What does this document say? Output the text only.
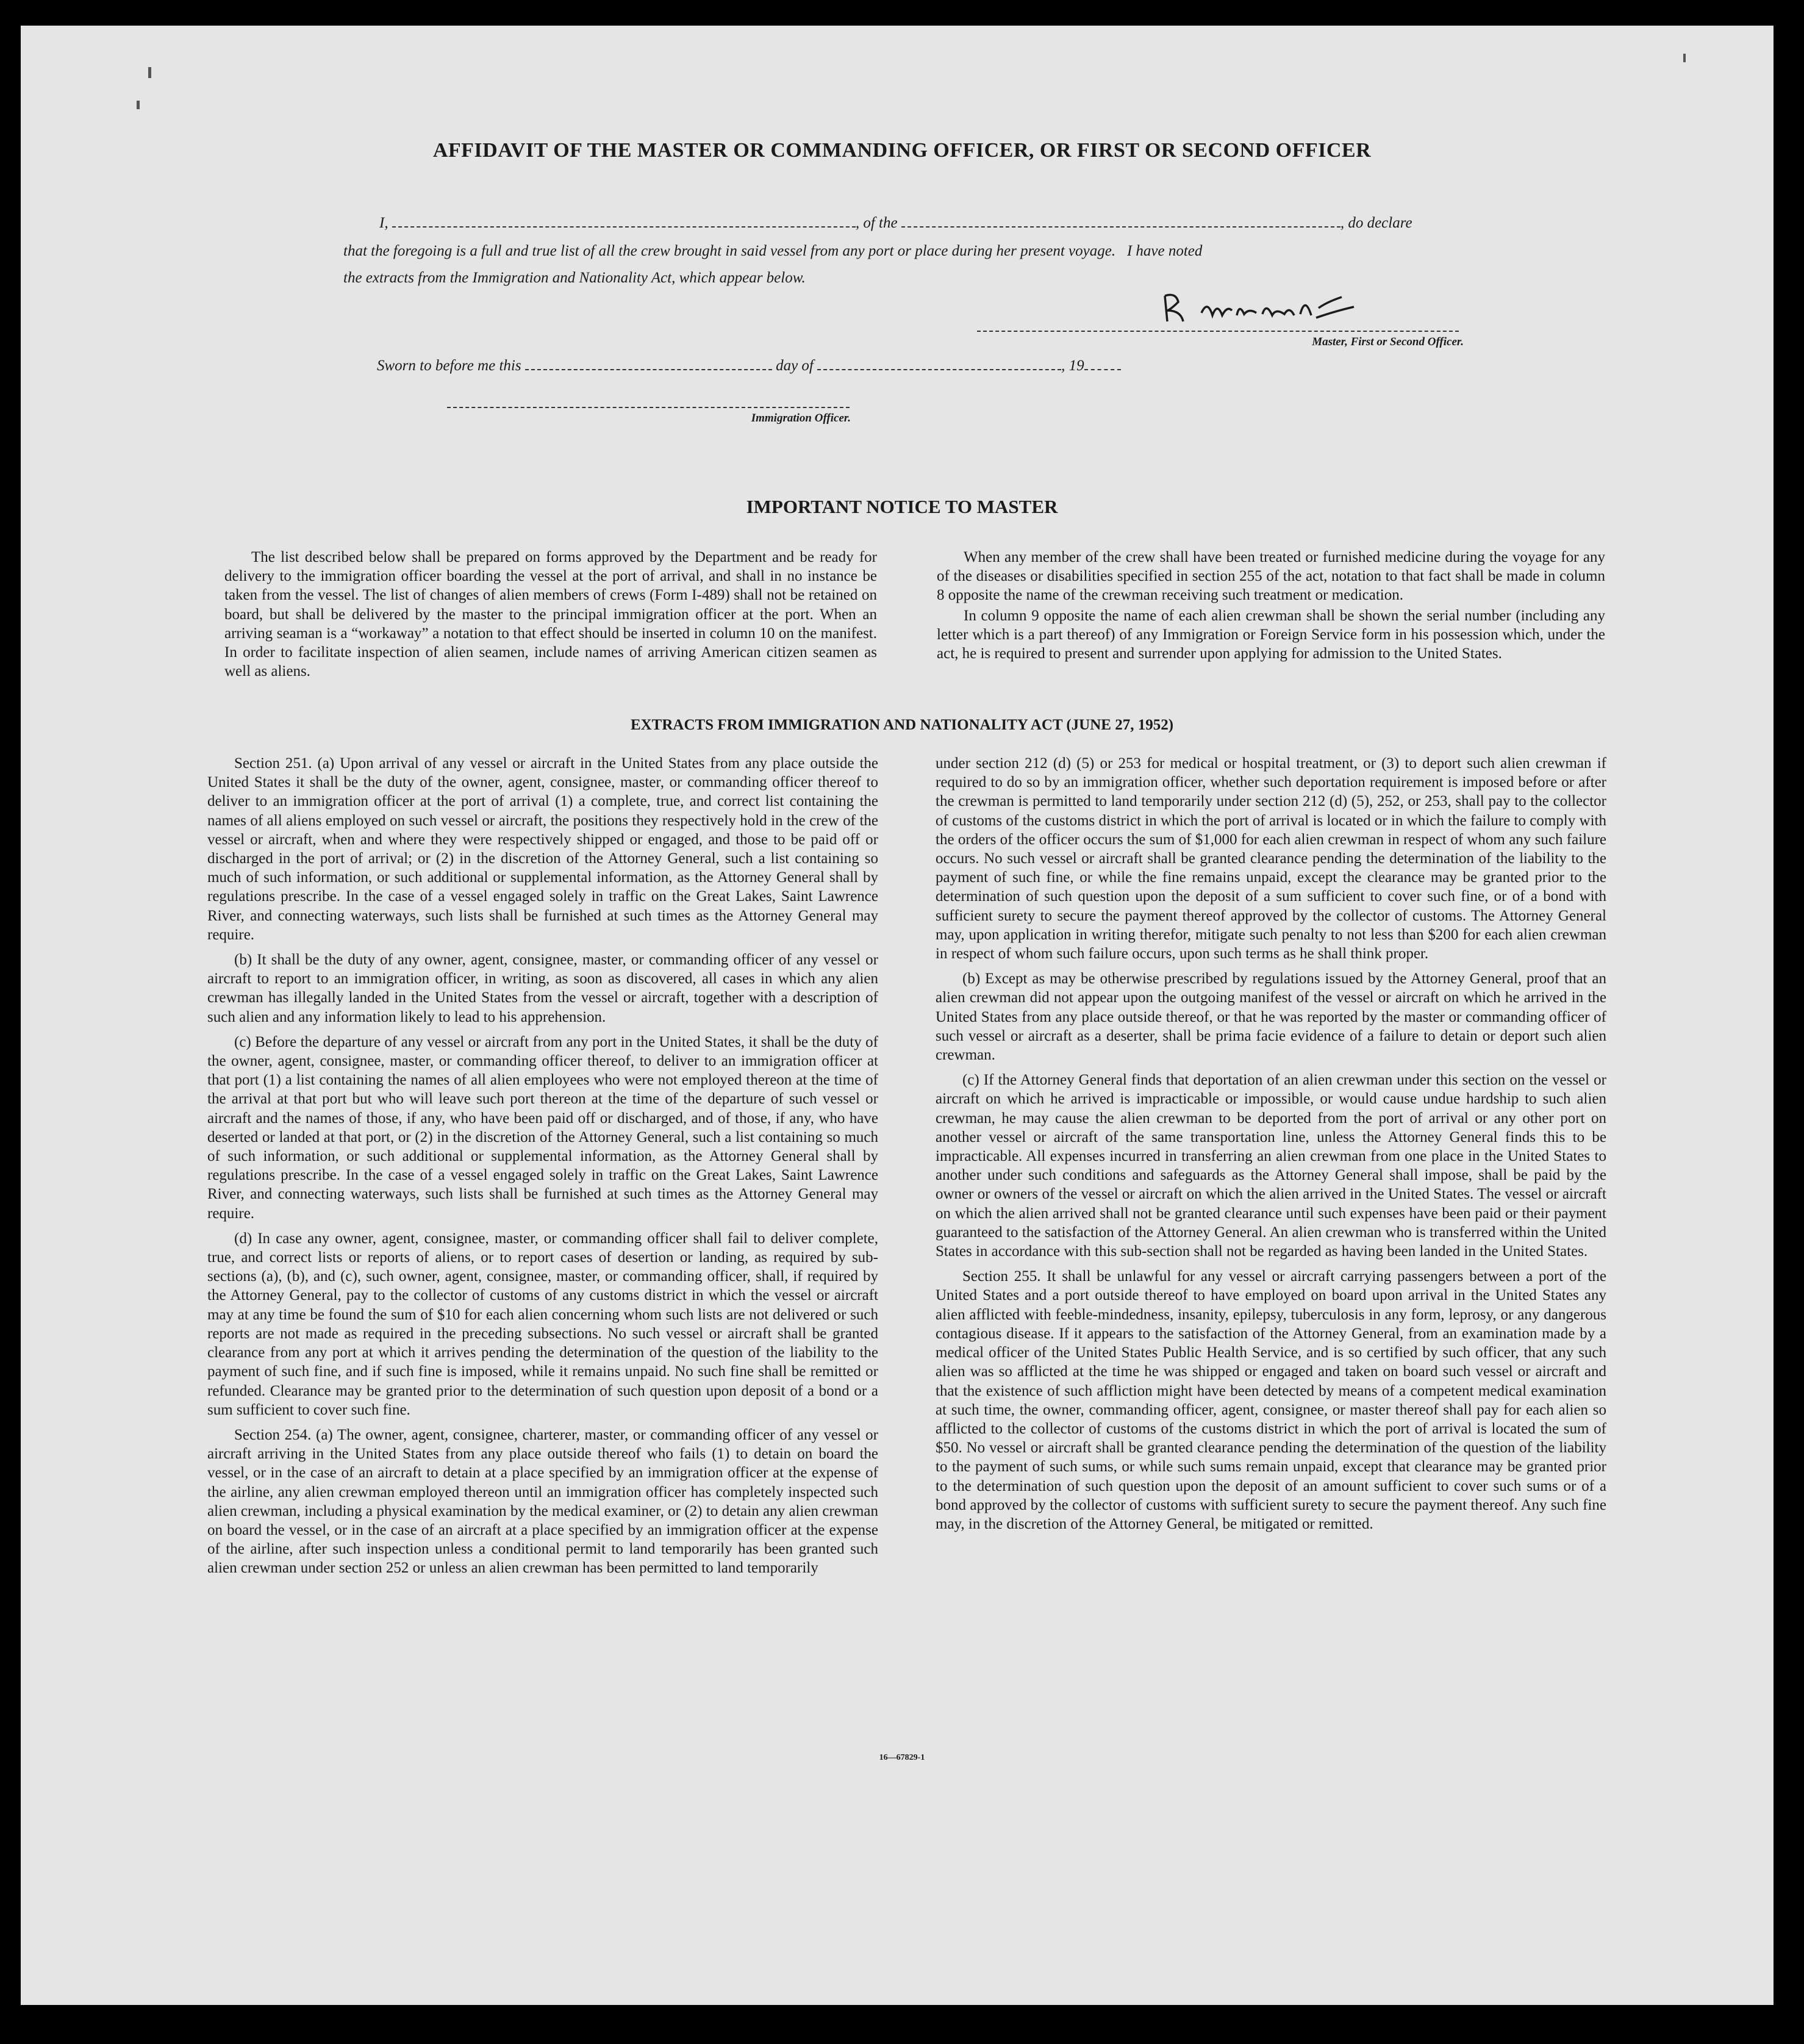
AFFIDAVIT OF THE MASTER OR COMMANDING OFFICER, OR FIRST OR SECOND OFFICER
I,	, of the	, do declare
that the foregoing is a full and true list of all the crew brought in said vessel from any port or place during her present voyage.   I have noted
the extracts from the Immigration and Nationality Act, which appear below.
Master, First or Second Officer.
Sworn to before me this	day of	, 19
Immigration Officer.
IMPORTANT NOTICE TO MASTER

The list described below shall be prepared on forms approved by the Department and be ready for delivery to the immigration officer boarding the vessel at the port of arrival, and shall in no instance be taken from the vessel. The list of changes of alien members of crews (Form I-489) shall not be retained on board, but shall be delivered by the master to the principal immigration officer at the port. When an arriving seaman is a “workaway” a notation to that effect should be inserted in column 10 on the manifest. In order to facilitate inspection of alien seamen, include names of arriving American citizen seamen as well as aliens.

When any member of the crew shall have been treated or furnished medicine during the voyage for any of the diseases or disabilities specified in section 255 of the act, notation to that fact shall be made in column 8 opposite the name of the crewman receiving such treatment or medication.

In column 9 opposite the name of each alien crewman shall be shown the serial number (including any letter which is a part thereof) of any Immigration or Foreign Service form in his possession which, under the act, he is required to present and surrender upon applying for admission to the United States.

EXTRACTS FROM IMMIGRATION AND NATIONALITY ACT (JUNE 27, 1952)

Section 251. (a) Upon arrival of any vessel or aircraft in the United States from any place outside the United States it shall be the duty of the owner, agent, consignee, master, or commanding officer thereof to deliver to an immigration officer at the port of arrival (1) a complete, true, and correct list containing the names of all aliens employed on such vessel or aircraft, the positions they respectively hold in the crew of the vessel or aircraft, when and where they were respectively shipped or engaged, and those to be paid off or discharged in the port of arrival; or (2) in the discretion of the Attorney General, such a list containing so much of such information, or such additional or supplemental information, as the Attorney General shall by regulations prescribe. In the case of a vessel engaged solely in traffic on the Great Lakes, Saint Lawrence River, and connecting waterways, such lists shall be furnished at such times as the Attorney General may require.

(b) It shall be the duty of any owner, agent, consignee, master, or commanding officer of any vessel or aircraft to report to an immigration officer, in writing, as soon as discovered, all cases in which any alien crewman has illegally landed in the United States from the vessel or aircraft, together with a description of such alien and any information likely to lead to his apprehension.

(c) Before the departure of any vessel or aircraft from any port in the United States, it shall be the duty of the owner, agent, consignee, master, or commanding officer thereof, to deliver to an immigration officer at that port (1) a list containing the names of all alien employees who were not employed thereon at the time of the arrival at that port but who will leave such port thereon at the time of the departure of such vessel or aircraft and the names of those, if any, who have been paid off or discharged, and of those, if any, who have deserted or landed at that port, or (2) in the discretion of the Attorney General, such a list containing so much of such information, or such additional or supplemental information, as the Attorney General shall by regulations prescribe. In the case of a vessel engaged solely in traffic on the Great Lakes, Saint Lawrence River, and connecting waterways, such lists shall be furnished at such times as the Attorney General may require.

(d) In case any owner, agent, consignee, master, or commanding officer shall fail to deliver complete, true, and correct lists or reports of aliens, or to report cases of desertion or landing, as required by sub-sections (a), (b), and (c), such owner, agent, consignee, master, or commanding officer, shall, if required by the Attorney General, pay to the collector of customs of any customs district in which the vessel or aircraft may at any time be found the sum of $10 for each alien concerning whom such lists are not delivered or such reports are not made as required in the preceding subsections. No such vessel or aircraft shall be granted clearance from any port at which it arrives pending the determination of the question of the liability to the payment of such fine, and if such fine is imposed, while it remains unpaid. No such fine shall be remitted or refunded. Clearance may be granted prior to the determination of such question upon deposit of a bond or a sum sufficient to cover such fine.

Section 254. (a) The owner, agent, consignee, charterer, master, or commanding officer of any vessel or aircraft arriving in the United States from any place outside thereof who fails (1) to detain on board the vessel, or in the case of an aircraft to detain at a place specified by an immigration officer at the expense of the airline, any alien crewman employed thereon until an immigration officer has completely inspected such alien crewman, including a physical examination by the medical examiner, or (2) to detain any alien crewman on board the vessel, or in the case of an aircraft at a place specified by an immigration officer at the expense of the airline, after such inspection unless a conditional permit to land temporarily has been granted such alien crewman under section 252 or unless an alien crewman has been permitted to land temporarily

under section 212 (d) (5) or 253 for medical or hospital treatment, or (3) to deport such alien crewman if required to do so by an immigration officer, whether such deportation requirement is imposed before or after the crewman is permitted to land temporarily under section 212 (d) (5), 252, or 253, shall pay to the collector of customs of the customs district in which the port of arrival is located or in which the failure to comply with the orders of the officer occurs the sum of $1,000 for each alien crewman in respect of whom any such failure occurs. No such vessel or aircraft shall be granted clearance pending the determination of the liability to the payment of such fine, or while the fine remains unpaid, except the clearance may be granted prior to the determination of such question upon the deposit of a sum sufficient to cover such fine, or of a bond with sufficient surety to secure the payment thereof approved by the collector of customs. The Attorney General may, upon application in writing therefor, mitigate such penalty to not less than $200 for each alien crewman in respect of whom such failure occurs, upon such terms as he shall think proper.

(b) Except as may be otherwise prescribed by regulations issued by the Attorney General, proof that an alien crewman did not appear upon the outgoing manifest of the vessel or aircraft on which he arrived in the United States from any place outside thereof, or that he was reported by the master or commanding officer of such vessel or aircraft as a deserter, shall be prima facie evidence of a failure to detain or deport such alien crewman.

(c) If the Attorney General finds that deportation of an alien crewman under this section on the vessel or aircraft on which he arrived is impracticable or impossible, or would cause undue hardship to such alien crewman, he may cause the alien crewman to be deported from the port of arrival or any other port on another vessel or aircraft of the same transportation line, unless the Attorney General finds this to be impracticable. All expenses incurred in transferring an alien crewman from one place in the United States to another under such conditions and safeguards as the Attorney General shall impose, shall be paid by the owner or owners of the vessel or aircraft on which the alien arrived in the United States. The vessel or aircraft on which the alien arrived shall not be granted clearance until such expenses have been paid or their payment guaranteed to the satisfaction of the Attorney General. An alien crewman who is transferred within the United States in accordance with this sub-section shall not be regarded as having been landed in the United States.

Section 255. It shall be unlawful for any vessel or aircraft carrying passengers between a port of the United States and a port outside thereof to have employed on board upon arrival in the United States any alien afflicted with feeble-mindedness, insanity, epilepsy, tuberculosis in any form, leprosy, or any dangerous contagious disease. If it appears to the satisfaction of the Attorney General, from an examination made by a medical officer of the United States Public Health Service, and is so certified by such officer, that any such alien was so afflicted at the time he was shipped or engaged and taken on board such vessel or aircraft and that the existence of such affliction might have been detected by means of a competent medical examination at such time, the owner, commanding officer, agent, consignee, or master thereof shall pay for each alien so afflicted to the collector of customs of the customs district in which the port of arrival is located the sum of $50. No vessel or aircraft shall be granted clearance pending the determination of the question of the liability to the payment of such sums, or while such sums remain unpaid, except that clearance may be granted prior to the determination of such question upon the deposit of an amount sufficient to cover such sums or of a bond approved by the collector of customs with sufficient surety to secure the payment thereof. Any such fine may, in the discretion of the Attorney General, be mitigated or remitted.

16—67829-1
